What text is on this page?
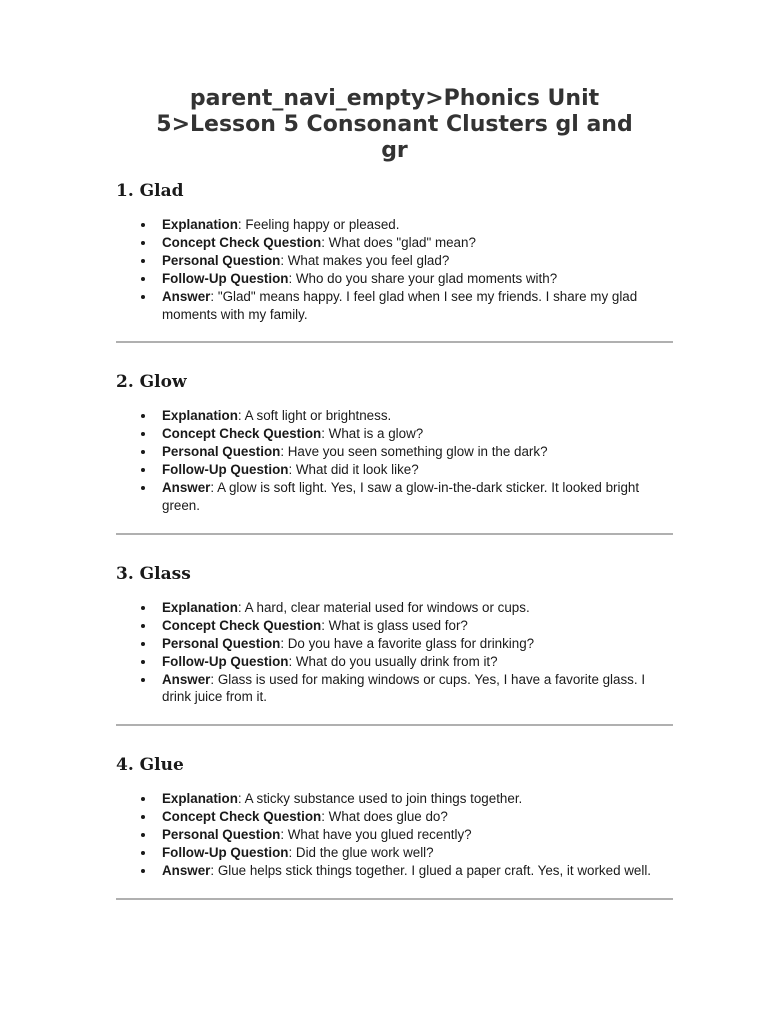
parent_navi_empty>Phonics Unit 5>Lesson 5 Consonant Clusters gl and gr
1. Glad
Explanation: Feeling happy or pleased.
Concept Check Question: What does "glad" mean?
Personal Question: What makes you feel glad?
Follow-Up Question: Who do you share your glad moments with?
Answer: "Glad" means happy. I feel glad when I see my friends. I share my glad moments with my family.
2. Glow
Explanation: A soft light or brightness.
Concept Check Question: What is a glow?
Personal Question: Have you seen something glow in the dark?
Follow-Up Question: What did it look like?
Answer: A glow is soft light. Yes, I saw a glow-in-the-dark sticker. It looked bright green.
3. Glass
Explanation: A hard, clear material used for windows or cups.
Concept Check Question: What is glass used for?
Personal Question: Do you have a favorite glass for drinking?
Follow-Up Question: What do you usually drink from it?
Answer: Glass is used for making windows or cups. Yes, I have a favorite glass. I drink juice from it.
4. Glue
Explanation: A sticky substance used to join things together.
Concept Check Question: What does glue do?
Personal Question: What have you glued recently?
Follow-Up Question: Did the glue work well?
Answer: Glue helps stick things together. I glued a paper craft. Yes, it worked well.
